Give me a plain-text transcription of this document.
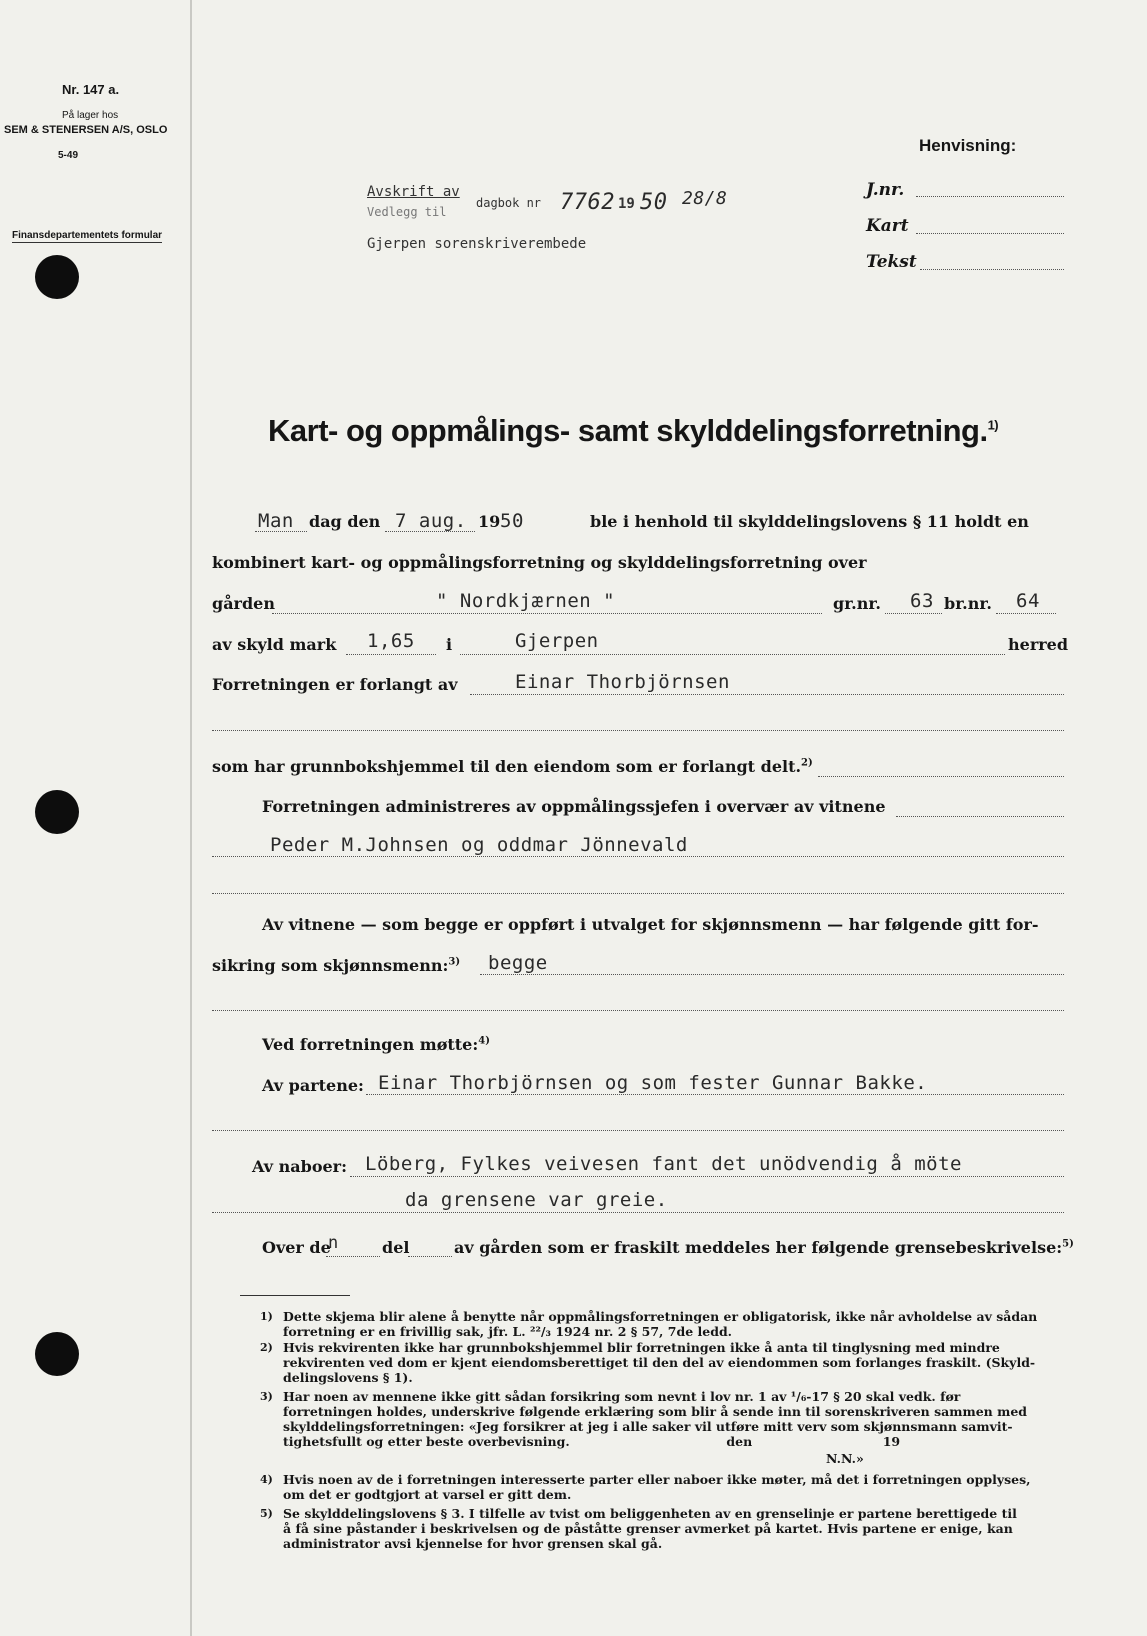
Nr. 147 a.
På lager hos
SEM & STENERSEN A/S, OSLO
5-49
Finansdepartementets formular
Henvisning:
J.nr.
Kart
Tekst
Avskrift av
Vedlegg til
dagbok nr 7762 19 50 28/8
Gjerpen sorenskriverembede
Kart- og oppmålings- samt skylddelingsforretning.$^{1)}$
Man dag den 7 aug. 19 50	ble i henhold til skylddelingslovens § 11 holdt en
kombinert kart- og oppmålingsforretning og skylddelingsforretning over
gården	" Nordkjærnen "	gr.nr. 63 br.nr. 64
av skyld mark 1,65 i	Gjerpen	herred
Forretningen er forlangt av	Einar Thorbjörnsen
som har grunnbokshjemmel til den eiendom som er forlangt delt.$^{2)}$
Forretningen administreres av oppmålingssjefen i overvær av vitnene
Peder M.Johnsen og oddmar Jönnevald
Av vitnene — som begge er oppført i utvalget for skjønnsmenn — har følgende gitt for-
sikring som skjønnsmenn:$^{3)}$ begge
Ved forretningen møtte:$^{4)}$
Av partene: Einar Thorbjörnsen og som fester Gunnar Bakke.
Av naboer: Löberg, Fylkes veivesen fant det unödvendig å möte
da grensene var greie.
Over de
n	del	av gården som er fraskilt meddeles her følgende grensebeskrivelse:$^{5)}$
1) Dette skjema blir alene å benytte når oppmålingsforretningen er obligatorisk, ikke når avholdelse av sådan
forretning er en frivillig sak, jfr. L. ²²/₃ 1924 nr. 2 § 57, 7de ledd.
2) Hvis rekvirenten ikke har grunnbokshjemmel blir forretningen ikke å anta til tinglysning med mindre
rekvirenten ved dom er kjent eiendomsberettiget til den del av eiendommen som forlanges fraskilt. (Skyld-
delingslovens § 1).
3) Har noen av mennene ikke gitt sådan forsikring som nevnt i lov nr. 1 av ¹/₆-17 § 20 skal vedk. før
forretningen holdes, underskrive følgende erklæring som blir å sende inn til sorenskriveren sammen med
skylddelingsforretningen: «Jeg forsikrer at jeg i alle saker vil utføre mitt verv som skjønnsmann samvit-
tighetsfullt og etter beste overbevisning.                                    den                              19
N.N.»
4) Hvis noen av de i forretningen interesserte parter eller naboer ikke møter, må det i forretningen opplyses,
om det er godtgjort at varsel er gitt dem.
5) Se skylddelingslovens § 3. I tilfelle av tvist om beliggenheten av en grenselinje er partene berettigede til
å få sine påstander i beskrivelsen og de påståtte grenser avmerket på kartet. Hvis partene er enige, kan
administrator avsi kjennelse for hvor grensen skal gå.
